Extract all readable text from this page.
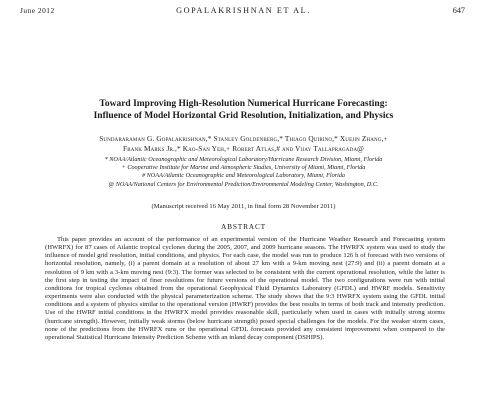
June 2012	GOPALAKRISHNAN ET AL.	647
Toward Improving High-Resolution Numerical Hurricane Forecasting:
Influence of Model Horizontal Grid Resolution, Initialization, and Physics
Sundararaman G. Gopalakrishnan,* Stanley Goldenberg,* Thiago Quirino,* Xuejin Zhang,+
Frank Marks Jr.,* Kao-San Yeh,+ Robert Atlas,# and Vijay Tallapragada@
* NOAA/Atlantic Oceanographic and Meteorological Laboratory/Hurricane Research Division, Miami, Florida
+ Cooperative Institute for Marine and Atmospheric Studies, University of Miami, Miami, Florida
# NOAA/Atlantic Oceanographic and Meteorological Laboratory, Miami, Florida
@ NOAA/National Centers for Environmental Prediction/Environmental Modeling Center, Washington, D.C.
(Manuscript received 16 May 2011, in final form 28 November 2011)
ABSTRACT
This paper provides an account of the performance of an experimental version of the Hurricane Weather Research and Forecasting system (HWRFX) for 87 cases of Atlantic tropical cyclones during the 2005, 2007, and 2009 hurricane seasons. The HWRFX system was used to study the influence of model grid resolution, initial conditions, and physics. For each case, the model was run to produce 126 h of forecast with two versions of horizontal resolution, namely, (i) a parent domain at a resolution of about 27 km with a 9-km moving nest (27:9) and (ii) a parent domain at a resolution of 9 km with a 3-km moving nest (9:3). The former was selected to be consistent with the current operational resolution, while the latter is the first step in testing the impact of finer resolutions for future versions of the operational model. The two configurations were run with initial conditions for tropical cyclones obtained from the operational Geophysical Fluid Dynamics Laboratory (GFDL) and HWRF models. Sensitivity experiments were also conducted with the physical parameterization scheme. The study shows that the 9:3 HWRFX system using the GFDL initial conditions and a system of physics similar to the operational version (HWRF) provides the best results in terms of both track and intensity prediction. Use of the HWRF initial conditions in the HWRFX model provides reasonable skill, particularly when used in cases with initially strong storms (hurricane strength). However, initially weak storms (below hurricane strength) posed special challenges for the models. For the weaker storm cases, none of the predictions from the HWRFX runs or the operational GFDL forecasts provided any consistent improvement when compared to the operational Statistical Hurricane Intensity Prediction Scheme with an inland decay component (DSHIPS).
